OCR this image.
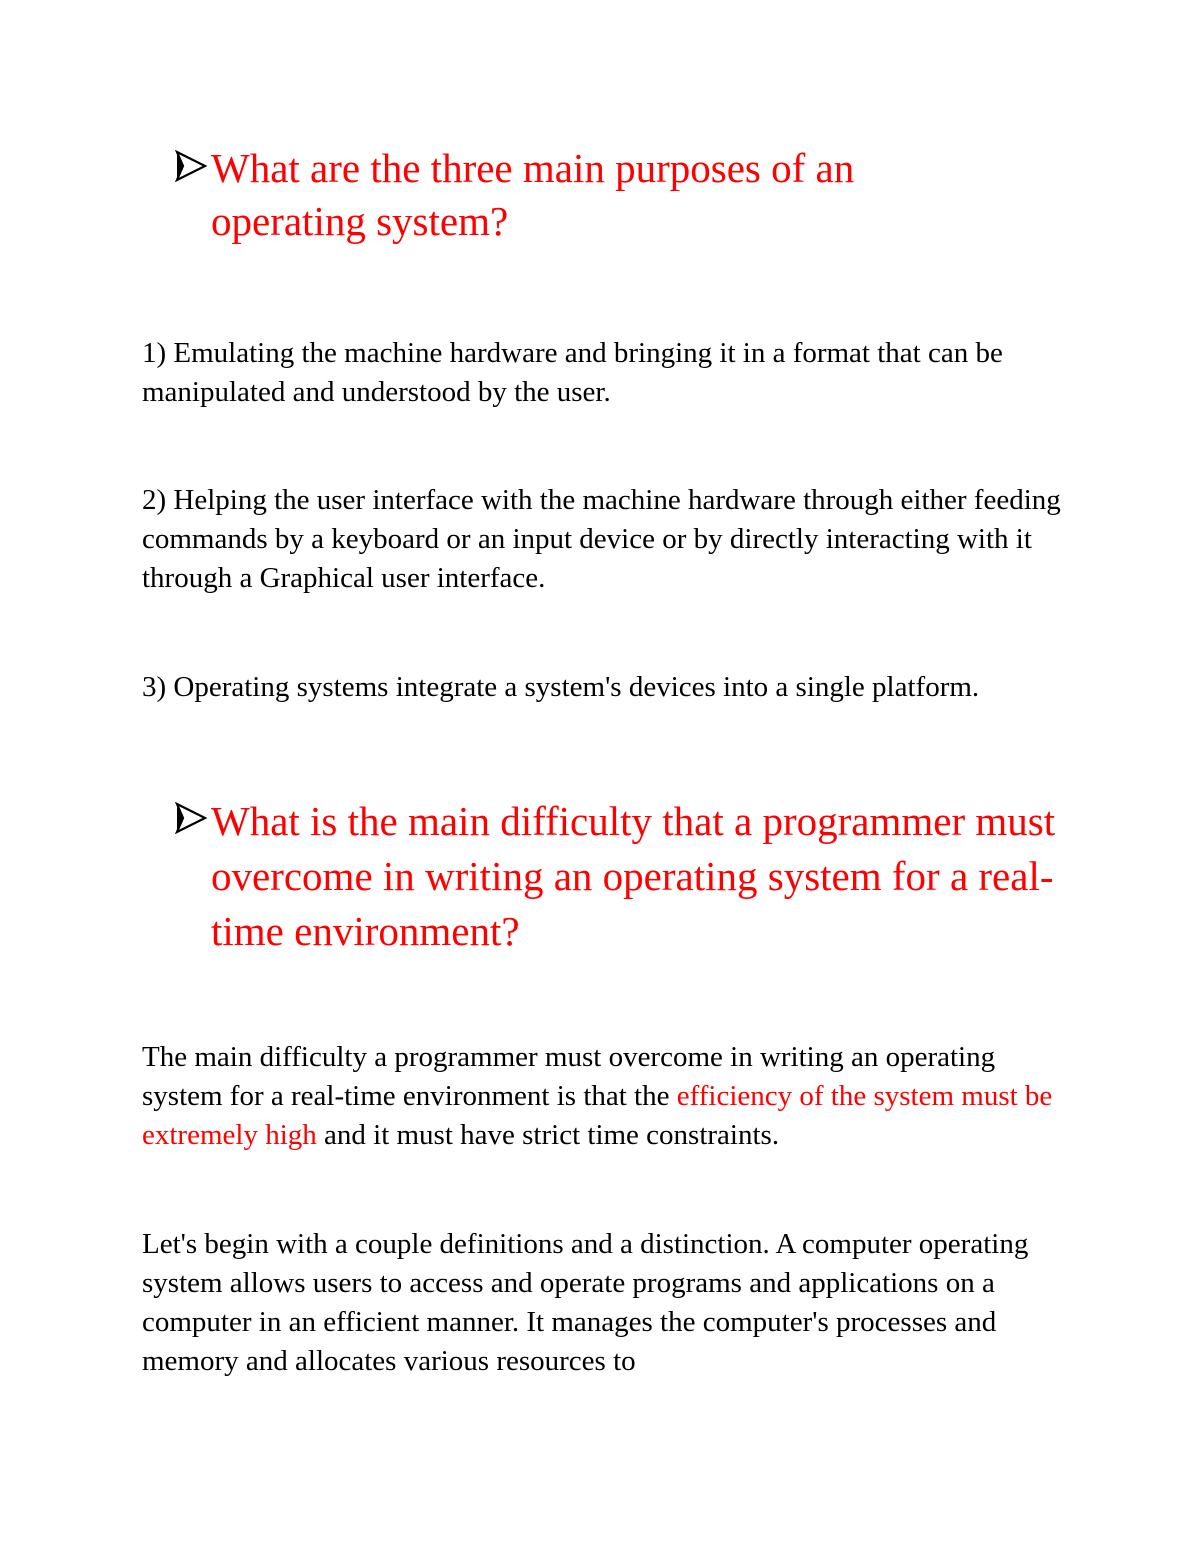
What are the three main purposes of an operating system?

1) Emulating the machine hardware and bringing it in a format that can be manipulated and understood by the user.

2) Helping the user interface with the machine hardware through either feeding commands by a keyboard or an input device or by directly interacting with it through a Graphical user interface.

3) Operating systems integrate a system's devices into a single platform.

What is the main difficulty that a programmer must overcome in writing an operating system for a real-time environment?

The main difficulty a programmer must overcome in writing an operating system for a real-time environment is that the efficiency of the system must be extremely high and it must have strict time constraints.

Let's begin with a couple definitions and a distinction. A computer operating system allows users to access and operate programs and applications on a computer in an efficient manner. It manages the computer's processes and memory and allocates various resources to
